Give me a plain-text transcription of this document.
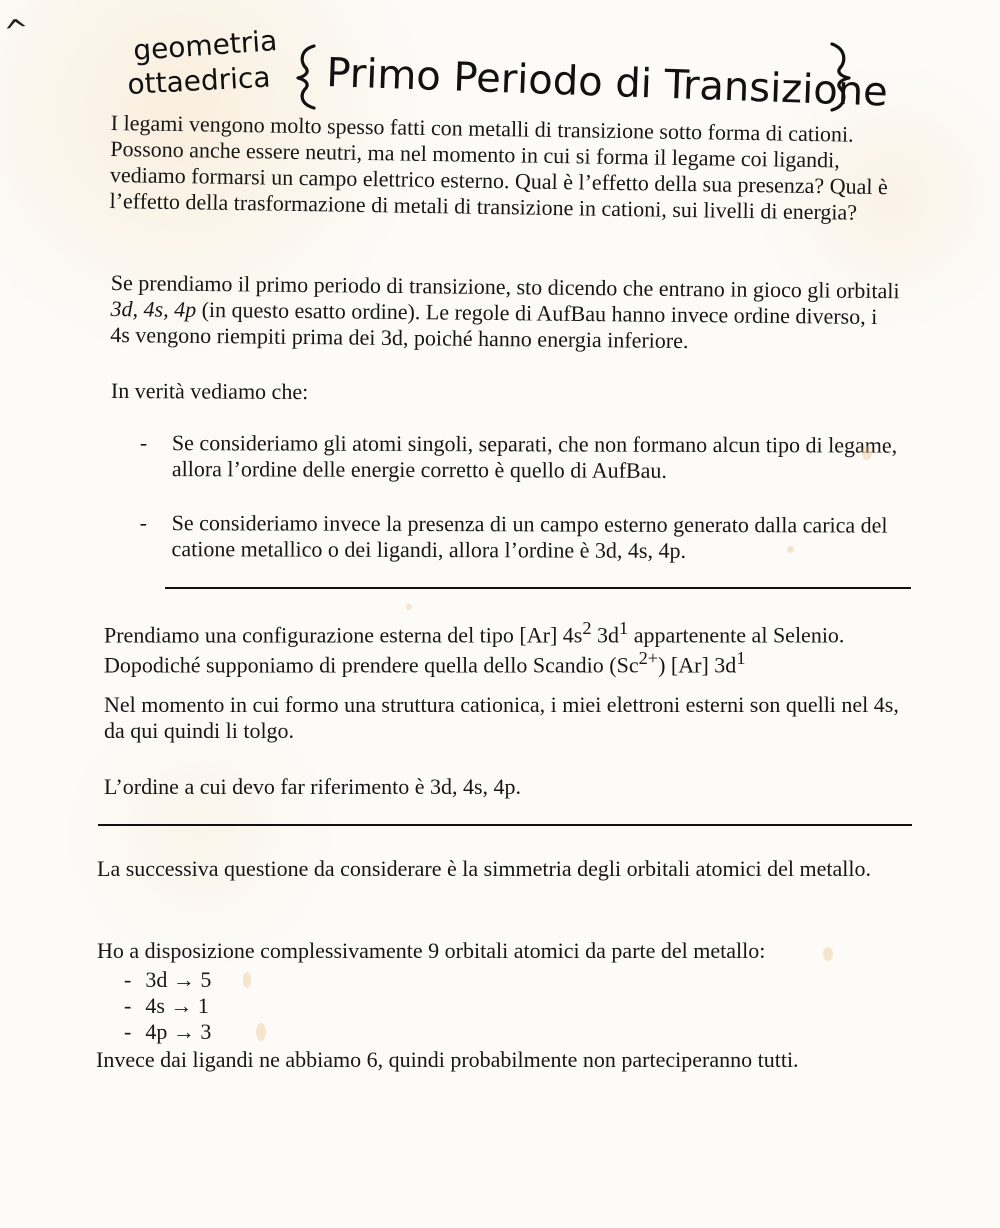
^	geometria
ottaedrica Primo Periodo di Transizione

I legami vengono molto spesso fatti con metalli di transizione sotto forma di cationi. Possono anche essere neutri, ma nel momento in cui si forma il legame coi ligandi, vediamo formarsi un campo elettrico esterno. Qual è l’effetto della sua presenza? Qual è l’effetto della trasformazione di metali di transizione in cationi, sui livelli di energia?

Se prendiamo il primo periodo di transizione, sto dicendo che entrano in gioco gli orbitali 3d, 4s, 4p (in questo esatto ordine). Le regole di AufBau hanno invece ordine diverso, i 4s vengono riempiti prima dei 3d, poiché hanno energia inferiore.

In verità vediamo che:

- Se consideriamo gli atomi singoli, separati, che non formano alcun tipo di legame, allora l’ordine delle energie corretto è quello di AufBau.
- Se consideriamo invece la presenza di un campo esterno generato dalla carica del catione metallico o dei ligandi, allora l’ordine è 3d, 4s, 4p.

Prendiamo una configurazione esterna del tipo [Ar] $4s^2$ $3d^1$ appartenente al Selenio.
Dopodiché supponiamo di prendere quella dello Scandio $(Sc^{2+})$ [Ar] $3d^1$

Nel momento in cui formo una struttura cationica, i miei elettroni esterni son quelli nel 4s, da qui quindi li tolgo.

L’ordine a cui devo far riferimento è 3d, 4s, 4p.

La successiva questione da considerare è la simmetria degli orbitali atomici del metallo.

Ho a disposizione complessivamente 9 orbitali atomici da parte del metallo:

- 3d → 5
- 4s → 1
- 4p → 3

Invece dai ligandi ne abbiamo 6, quindi probabilmente non parteciperanno tutti.
